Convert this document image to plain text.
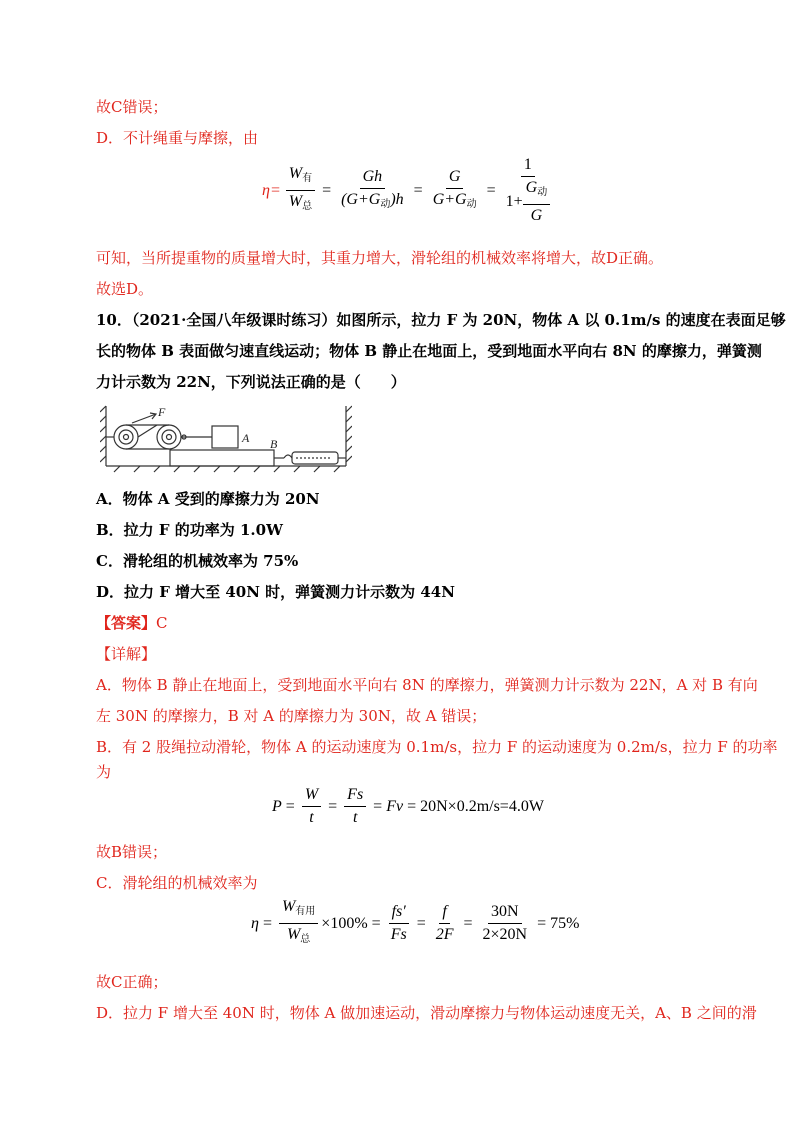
故C错误；
D．不计绳重与摩擦，由
$\eta= \frac{W_有}{W_总} = \frac{Gh}{(G+G_动)h} = \frac{G}{G+G_动} = \frac{1}{1+ \frac{G_动}{G}}$
可知，当所提重物的质量增大时，其重力增大，滑轮组的机械效率将增大，故D正确。
故选D。
10．（2021·全国八年级课时练习）如图所示，拉力 F 为 20N，物体 A 以 0.1m/s 的速度在表面足够
长的物体 B 表面做匀速直线运动；物体 B 静止在地面上，受到地面水平向右 8N 的摩擦力，弹簧测
力计示数为 22N，下列说法正确的是（　　）
F
A B
A．物体 A 受到的摩擦力为 20N
B．拉力 F 的功率为 1.0W
C．滑轮组的机械效率为 75%
D．拉力 F 增大至 40N 时，弹簧测力计示数为 44N
【答案】C
【详解】
A．物体 B 静止在地面上，受到地面水平向右 8N 的摩擦力，弹簧测力计示数为 22N，A 对 B 有向
左 30N 的摩擦力，B 对 A 的摩擦力为 30N，故 A 错误；
B．有 2 股绳拉动滑轮，物体 A 的运动速度为 0.1m/s，拉力 F 的运动速度为 0.2m/s，拉力 F 的功率
为
$P = \frac{W}{t} = \frac{Fs}{t} = Fv = 20N\times 0.2m/s=4.0W$
故B错误；
C．滑轮组的机械效率为
$\eta = \frac{W_{有用}}{W_总} \times 100\% = \frac{fs'}{Fs} = \frac{f}{2F} = \frac{30N}{2\times 20N} = 75\%$
故C正确；
D．拉力 F 增大至 40N 时，物体 A 做加速运动，滑动摩擦力与物体运动速度无关，A、B 之间的滑
